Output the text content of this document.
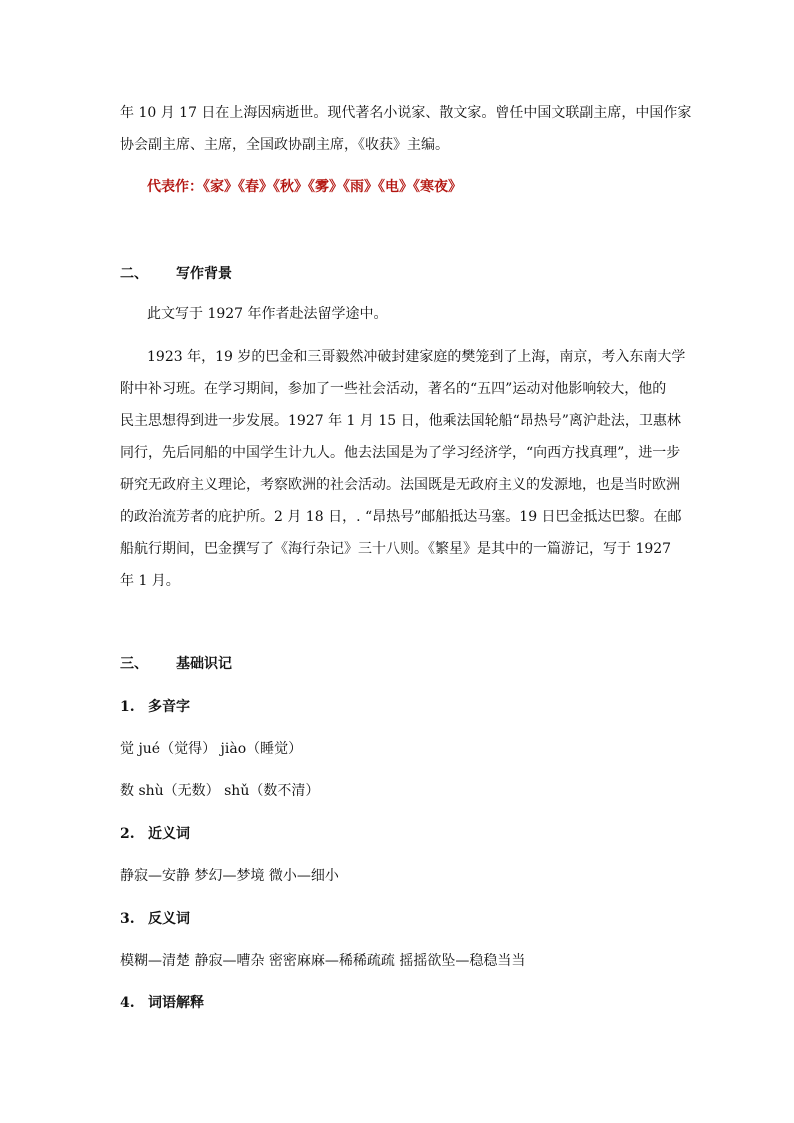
年 10 月 17 日在上海因病逝世。现代著名小说家、散文家。曾任中国文联副主席，中国作家
协会副主席、主席，全国政协副主席，《收获》主编。
代表作：《家》《春》《秋》《雾》《雨》《电》《寒夜》
二、 写作背景
此文写于 1927 年作者赴法留学途中。
1923 年，19 岁的巴金和三哥毅然冲破封建家庭的樊笼到了上海，南京，考入东南大学
附中补习班。在学习期间，参加了一些社会活动，著名的“五四”运动对他影响较大，他的
民主思想得到进一步发展。1927 年 1 月 15 日，他乘法国轮船“昂热号”离沪赴法，卫惠林
同行，先后同船的中国学生计九人。他去法国是为了学习经济学，“向西方找真理”，进一步
研究无政府主义理论，考察欧洲的社会活动。法国既是无政府主义的发源地，也是当时欧洲
的政治流芳者的庇护所。2 月 18 日，. “昂热号”邮船抵达马塞。19 日巴金抵达巴黎。在邮
船航行期间，巴金撰写了《海行杂记》三十八则。《繁星》是其中的一篇游记，写于 1927
年 1 月。
三、 基础识记
1. 多音字
觉 jué（觉得） jiào（睡觉）
数 shù（无数） shǔ（数不清）
2. 近义词
静寂—安静 梦幻—梦境 微小—细小
3. 反义词
模糊—清楚 静寂—嘈杂 密密麻麻—稀稀疏疏 摇摇欲坠—稳稳当当
4. 词语解释
